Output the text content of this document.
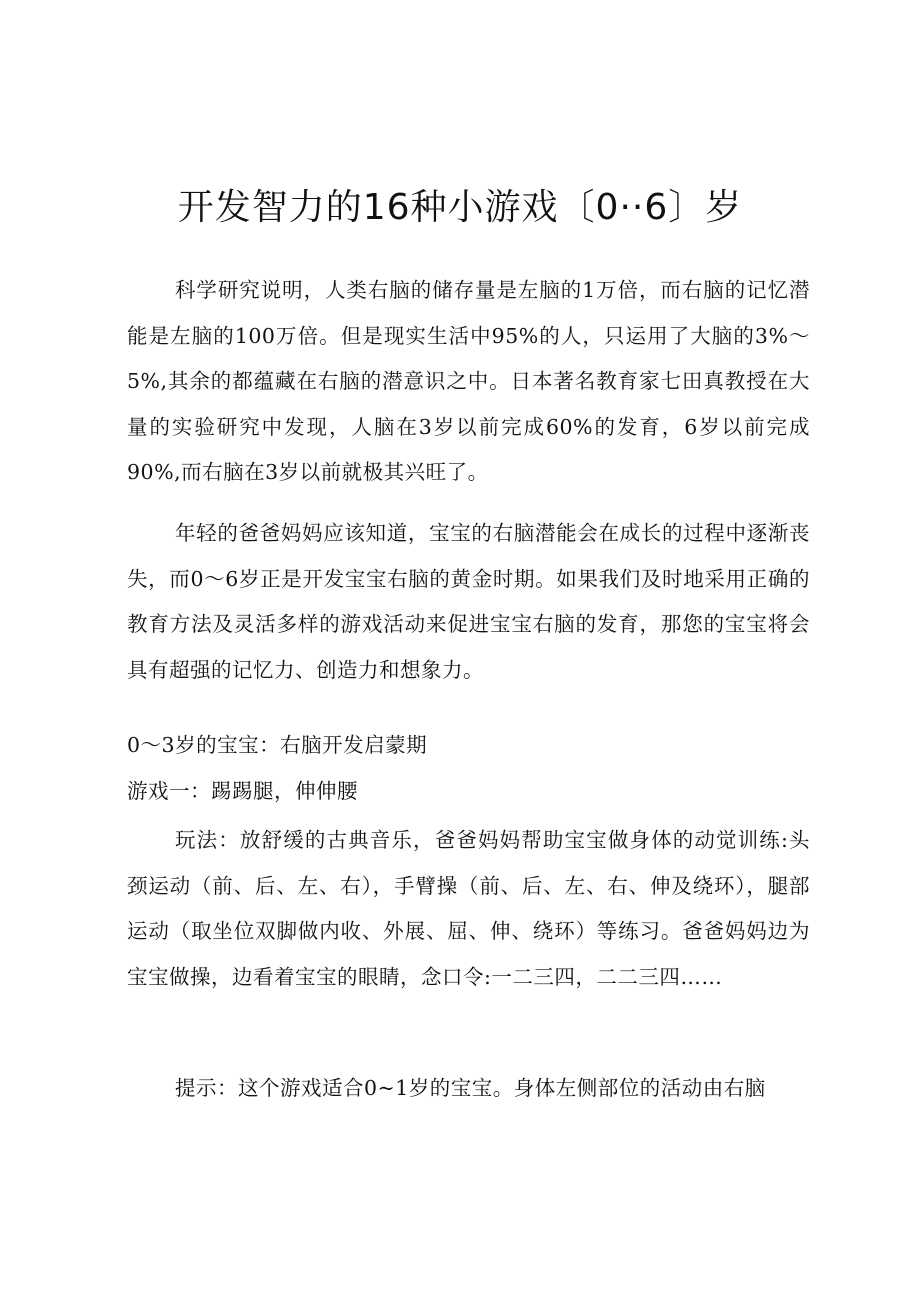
开发智力的16种小游戏〔0··6〕岁

科学研究说明，人类右脑的储存量是左脑的1万倍，而右脑的记忆潜能是左脑的100万倍。但是现实生活中95%的人，只运用了大脑的3%～5%,其余的都蕴藏在右脑的潜意识之中。日本著名教育家七田真教授在大量的实验研究中发现，人脑在3岁以前完成60%的发育，6岁以前完成90%,而右脑在3岁以前就极其兴旺了。

年轻的爸爸妈妈应该知道，宝宝的右脑潜能会在成长的过程中逐渐丧失，而0～6岁正是开发宝宝右脑的黄金时期。如果我们及时地采用正确的教育方法及灵活多样的游戏活动来促进宝宝右脑的发育，那您的宝宝将会具有超强的记忆力、创造力和想象力。

0～3岁的宝宝：右脑开发启蒙期

游戏一：踢踢腿，伸伸腰

玩法：放舒缓的古典音乐，爸爸妈妈帮助宝宝做身体的动觉训练:头颈运动（前、后、左、右），手臂操（前、后、左、右、伸及绕环），腿部运动（取坐位双脚做内收、外展、屈、伸、绕环）等练习。爸爸妈妈边为宝宝做操，边看着宝宝的眼睛，念口令:一二三四，二二三四……

提示：这个游戏适合0~1岁的宝宝。身体左侧部位的活动由右脑
